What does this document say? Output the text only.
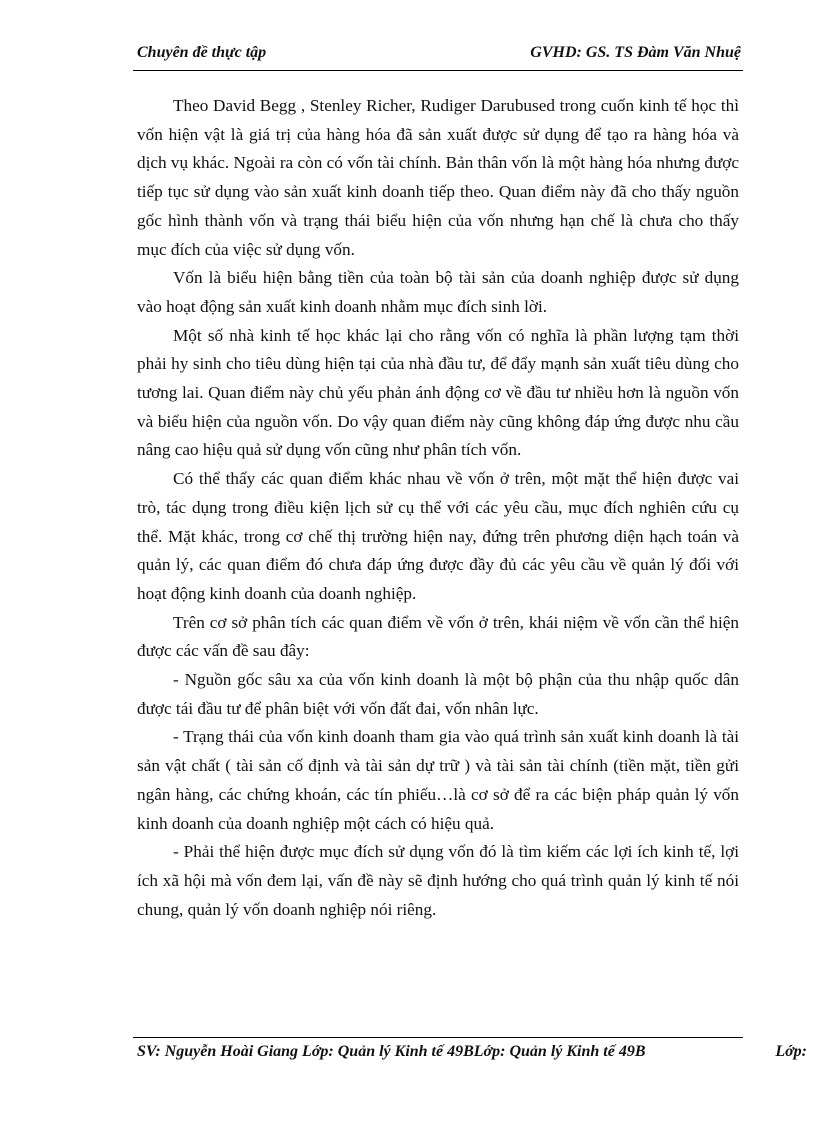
Chuyên đề thực tập	GVHD: GS. TS Đàm Văn Nhuệ

Theo David Begg , Stenley Richer, Rudiger Darubused trong cuốn kinh tế học thì vốn hiện vật là giá trị của hàng hóa đã sản xuất được sử dụng để tạo ra hàng hóa và dịch vụ khác. Ngoài ra còn có vốn tài chính. Bản thân vốn là một hàng hóa nhưng được tiếp tục sử dụng vào sản xuất kinh doanh tiếp theo. Quan điểm này đã cho thấy nguồn gốc hình thành vốn và trạng thái biểu hiện của vốn nhưng hạn chế là chưa cho thấy mục đích của việc sử dụng vốn.

Vốn là biểu hiện bằng tiền của toàn bộ tài sản của doanh nghiệp được sử dụng vào hoạt động sản xuất kinh doanh nhằm mục đích sinh lời.

Một số nhà kinh tế học khác lại cho rằng vốn có nghĩa là phần lượng tạm thời phải hy sinh cho tiêu dùng hiện tại của nhà đầu tư, để đẩy mạnh sản xuất tiêu dùng cho tương lai. Quan điểm này chủ yếu phản ánh động cơ về đầu tư nhiều hơn là nguồn vốn và biểu hiện của nguồn vốn. Do vậy quan điểm này cũng không đáp ứng được nhu cầu nâng cao hiệu quả sử dụng vốn cũng như phân tích vốn.

Có thể thấy các quan điểm khác nhau về vốn ở trên, một mặt thể hiện được vai trò, tác dụng trong điều kiện lịch sử cụ thể với các yêu cầu, mục đích nghiên cứu cụ thể. Mặt khác, trong cơ chế thị trường hiện nay, đứng trên phương diện hạch toán và quản lý, các quan điểm đó chưa đáp ứng được đầy đủ các yêu cầu về quản lý đối với hoạt động kinh doanh của doanh nghiệp.

Trên cơ sở phân tích các quan điểm về vốn ở trên, khái niệm về vốn cần thể hiện được các vấn đề sau đây:

- Nguồn gốc sâu xa của vốn kinh doanh là một bộ phận của thu nhập quốc dân được tái đầu tư để phân biệt với vốn đất đai, vốn nhân lực.

- Trạng thái của vốn kinh doanh tham gia vào quá trình sản xuất kinh doanh là tài sản vật chất ( tài sản cố định và tài sản dự trữ ) và tài sản tài chính (tiền mặt, tiền gửi ngân hàng, các chứng khoán, các tín phiếu…là cơ sở để ra các biện pháp quản lý vốn kinh doanh của doanh nghiệp một cách có hiệu quả.

- Phải thể hiện được mục đích sử dụng vốn đó là tìm kiếm các lợi ích kinh tế, lợi ích xã hội mà vốn đem lại, vấn đề này sẽ định hướng cho quá trình quản lý kinh tế nói chung, quản lý vốn doanh nghiệp nói riêng.

SV: Nguyễn Hoài Giang Lớp: Quản lý Kinh tế 49BLớp: Quản lý Kinh tế 49B	Lớp:
